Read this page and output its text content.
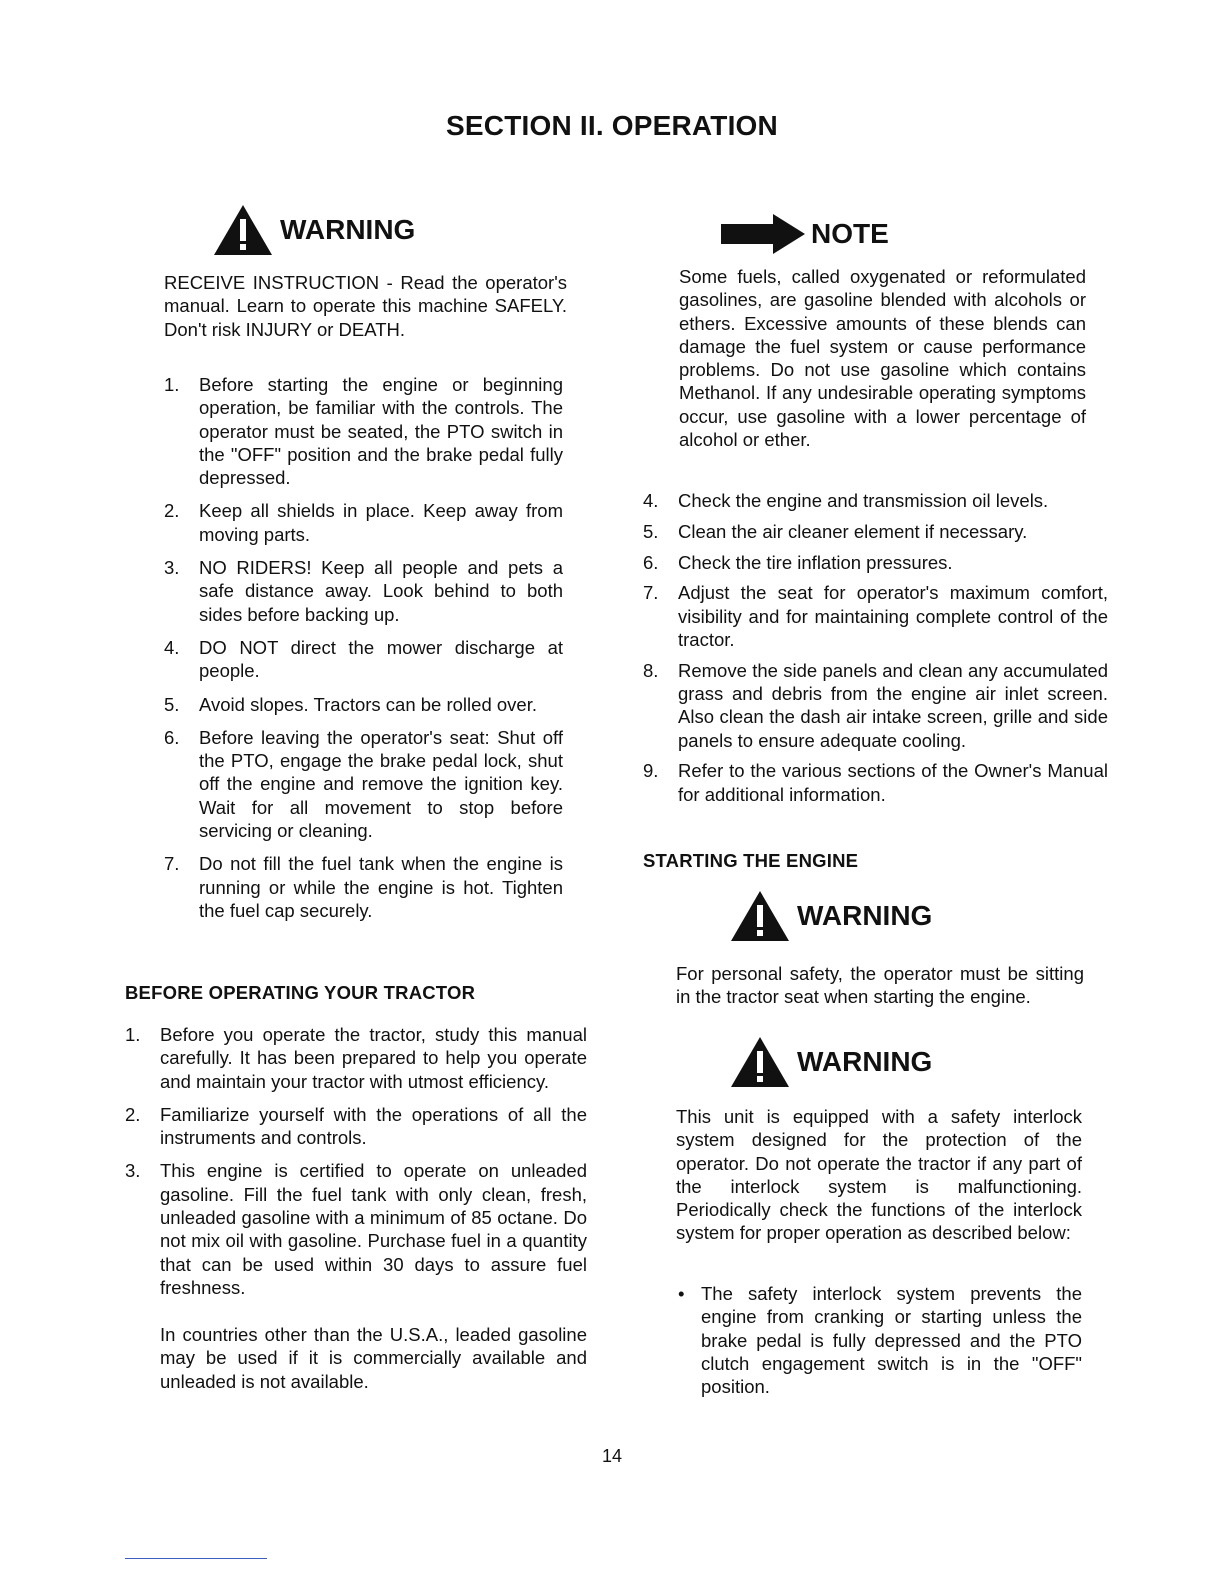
SECTION II. OPERATION
WARNING
RECEIVE INSTRUCTION - Read the operator's manual. Learn to operate this machine SAFELY. Don't risk INJURY or DEATH.
1. Before starting the engine or beginning operation, be familiar with the controls. The operator must be seated, the PTO switch in the "OFF" position and the brake pedal fully depressed.
2. Keep all shields in place. Keep away from moving parts.
3. NO RIDERS! Keep all people and pets a safe distance away. Look behind to both sides before backing up.
4. DO NOT direct the mower discharge at people.
5. Avoid slopes. Tractors can be rolled over.
6. Before leaving the operator's seat: Shut off the PTO, engage the brake pedal lock, shut off the engine and remove the ignition key. Wait for all movement to stop before servicing or cleaning.
7. Do not fill the fuel tank when the engine is running or while the engine is hot. Tighten the fuel cap securely.
BEFORE OPERATING YOUR TRACTOR
1. Before you operate the tractor, study this manual carefully. It has been prepared to help you operate and maintain your tractor with utmost efficiency.
2. Familiarize yourself with the operations of all the instruments and controls.
3. This engine is certified to operate on unleaded gasoline. Fill the fuel tank with only clean, fresh, unleaded gasoline with a minimum of 85 octane. Do not mix oil with gasoline. Purchase fuel in a quantity that can be used within 30 days to assure fuel freshness.
In countries other than the U.S.A., leaded gasoline may be used if it is commercially available and unleaded is not available.
NOTE
Some fuels, called oxygenated or reformulated gasolines, are gasoline blended with alcohols or ethers. Excessive amounts of these blends can damage the fuel system or cause performance problems. Do not use gasoline which contains Methanol. If any undesirable operating symptoms occur, use gasoline with a lower percentage of alcohol or ether.
4. Check the engine and transmission oil levels.
5. Clean the air cleaner element if necessary.
6. Check the tire inflation pressures.
7. Adjust the seat for operator's maximum comfort, visibility and for maintaining complete control of the tractor.
8. Remove the side panels and clean any accumulated grass and debris from the engine air inlet screen. Also clean the dash air intake screen, grille and side panels to ensure adequate cooling.
9. Refer to the various sections of the Owner's Manual for additional information.
STARTING THE ENGINE
WARNING
For personal safety, the operator must be sitting in the tractor seat when starting the engine.
WARNING
This unit is equipped with a safety interlock system designed for the protection of the operator. Do not operate the tractor if any part of the interlock system is malfunctioning. Periodically check the functions of the interlock system for proper operation as described below:
• The safety interlock system prevents the engine from cranking or starting unless the brake pedal is fully depressed and the PTO clutch engagement switch is in the "OFF" position.
14
